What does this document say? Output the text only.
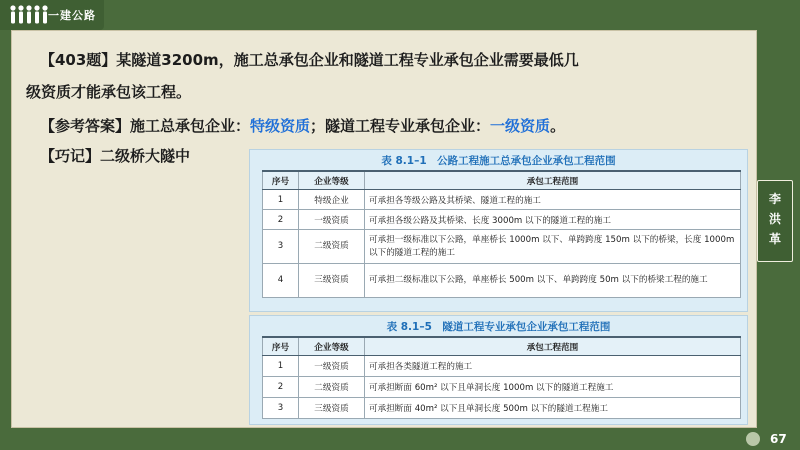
一建公路
【403题】某隧道3200m，施工总承包企业和隧道工程专业承包企业需要最低几
级资质才能承包该工程。
【参考答案】施工总承包企业：特级资质；隧道工程专业承包企业：一级资质。
【巧记】二级桥大隧中	表 8.1–1　公路工程施工总承包企业承包工程范围
序号	企业等级	承包工程范围
1	特级企业	可承担各等级公路及其桥梁、隧道工程的施工
2	一级资质	可承担各级公路及其桥梁、长度 3000m 以下的隧道工程的施工
3	二级资质	可承担一级标准以下公路，单座桥长 1000m 以下、单跨跨度 150m 以下的桥梁，长度 1000m 以下的隧道工程的施工
4	三级资质	可承担二级标准以下公路，单座桥长 500m 以下、单跨跨度 50m 以下的桥梁工程的施工
表 8.1–5　隧道工程专业承包企业承包工程范围
序号	企业等级	承包工程范围
1	一级资质	可承担各类隧道工程的施工
2	二级资质	可承担断面 60m² 以下且单洞长度 1000m 以下的隧道工程施工
3	三级资质	可承担断面 40m² 以下且单洞长度 500m 以下的隧道工程施工
李
洪
革
67
